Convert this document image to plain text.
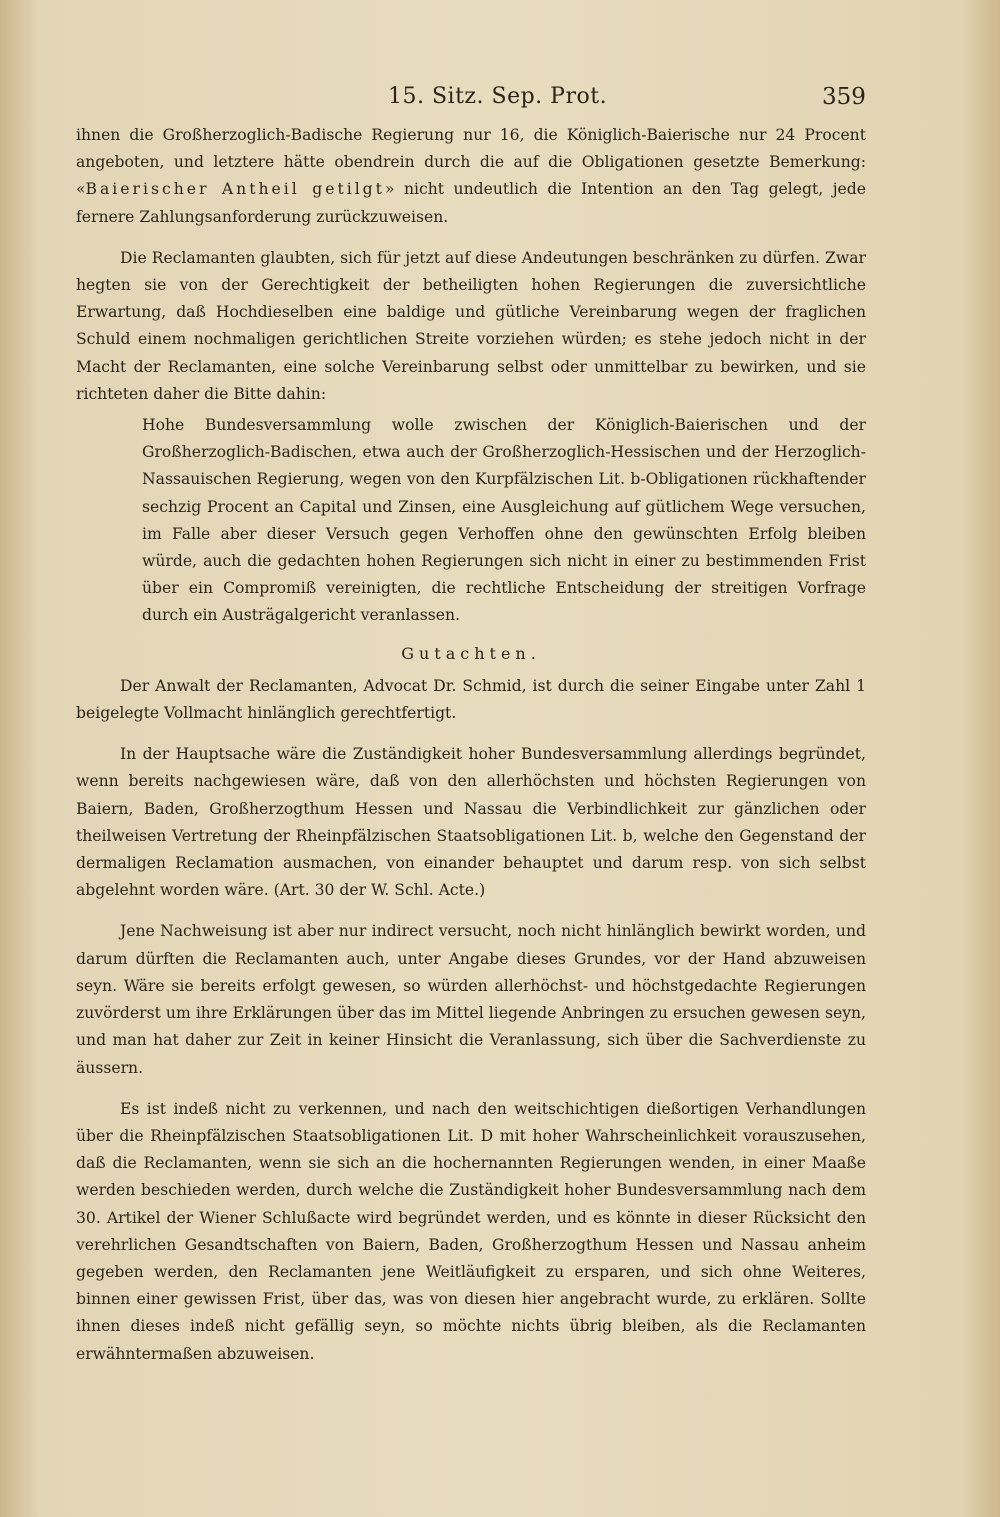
15. Sitz. Sep. Prot.	359

ihnen die Großherzoglich-Badische Regierung nur 16, die Königlich-Baierische nur 24 Procent angeboten, und letztere hätte obendrein durch die auf die Obligationen gesetzte Bemerkung: «Baierischer Antheil getilgt» nicht undeutlich die Intention an den Tag gelegt, jede fernere Zahlungsanforderung zurückzuweisen.

Die Reclamanten glaubten, sich für jetzt auf diese Andeutungen beschränken zu dürfen. Zwar hegten sie von der Gerechtigkeit der betheiligten hohen Regierungen die zuversichtliche Erwartung, daß Hochdieselben eine baldige und gütliche Vereinbarung wegen der fraglichen Schuld einem nochmaligen gerichtlichen Streite vorziehen würden; es stehe jedoch nicht in der Macht der Reclamanten, eine solche Vereinbarung selbst oder unmittelbar zu bewirken, und sie richteten daher die Bitte dahin:

Hohe Bundesversammlung wolle zwischen der Königlich-Baierischen und der Großherzoglich-Badischen, etwa auch der Großherzoglich-Hessischen und der Herzoglich-Nassauischen Regierung, wegen von den Kurpfälzischen Lit. b-Obligationen rückhaftender sechzig Procent an Capital und Zinsen, eine Ausgleichung auf gütlichem Wege versuchen, im Falle aber dieser Versuch gegen Verhoffen ohne den gewünschten Erfolg bleiben würde, auch die gedachten hohen Regierungen sich nicht in einer zu bestimmenden Frist über ein Compromiß vereinigten, die rechtliche Entscheidung der streitigen Vorfrage durch ein Austrägalgericht veranlassen.

Gutachten.

Der Anwalt der Reclamanten, Advocat Dr. Schmid, ist durch die seiner Eingabe unter Zahl 1 beigelegte Vollmacht hinlänglich gerechtfertigt.

In der Hauptsache wäre die Zuständigkeit hoher Bundesversammlung allerdings begründet, wenn bereits nachgewiesen wäre, daß von den allerhöchsten und höchsten Regierungen von Baiern, Baden, Großherzogthum Hessen und Nassau die Verbindlichkeit zur gänzlichen oder theilweisen Vertretung der Rheinpfälzischen Staatsobligationen Lit. b, welche den Gegenstand der dermaligen Reclamation ausmachen, von einander behauptet und darum resp. von sich selbst abgelehnt worden wäre. (Art. 30 der W. Schl. Acte.)

Jene Nachweisung ist aber nur indirect versucht, noch nicht hinlänglich bewirkt worden, und darum dürften die Reclamanten auch, unter Angabe dieses Grundes, vor der Hand abzuweisen seyn. Wäre sie bereits erfolgt gewesen, so würden allerhöchst- und höchstgedachte Regierungen zuvörderst um ihre Erklärungen über das im Mittel liegende Anbringen zu ersuchen gewesen seyn, und man hat daher zur Zeit in keiner Hinsicht die Veranlassung, sich über die Sachverdienste zu äussern.

Es ist indeß nicht zu verkennen, und nach den weitschichtigen dießortigen Verhandlungen über die Rheinpfälzischen Staatsobligationen Lit. D mit hoher Wahrscheinlichkeit vorauszusehen, daß die Reclamanten, wenn sie sich an die hochernannten Regierungen wenden, in einer Maaße werden beschieden werden, durch welche die Zuständigkeit hoher Bundesversammlung nach dem 30. Artikel der Wiener Schlußacte wird begründet werden, und es könnte in dieser Rücksicht den verehrlichen Gesandtschaften von Baiern, Baden, Großherzogthum Hessen und Nassau anheim gegeben werden, den Reclamanten jene Weitläufigkeit zu ersparen, und sich ohne Weiteres, binnen einer gewissen Frist, über das, was von diesen hier angebracht wurde, zu erklären. Sollte ihnen dieses indeß nicht gefällig seyn, so möchte nichts übrig bleiben, als die Reclamanten erwähntermaßen abzuweisen.
